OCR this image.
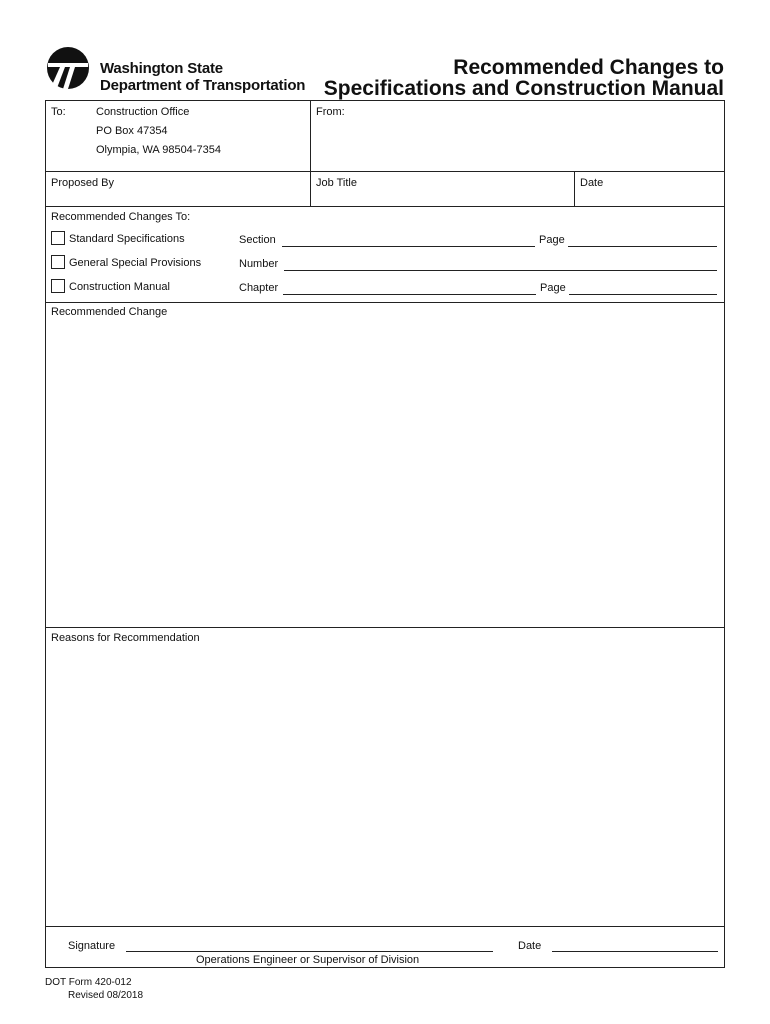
Washington State
Department of Transportation
Recommended Changes to
Specifications and Construction Manual
To:	Construction Office
PO Box 47354
Olympia, WA 98504-7354
From:
Proposed By	Job Title	Date
Recommended Changes To:
Standard Specifications	Section	Page
General Special Provisions	Number
Construction Manual	Chapter	Page
Recommended Change
Reasons for Recommendation
Signature	Date
Operations Engineer or Supervisor of Division
DOT Form 420-012
Revised 08/2018
